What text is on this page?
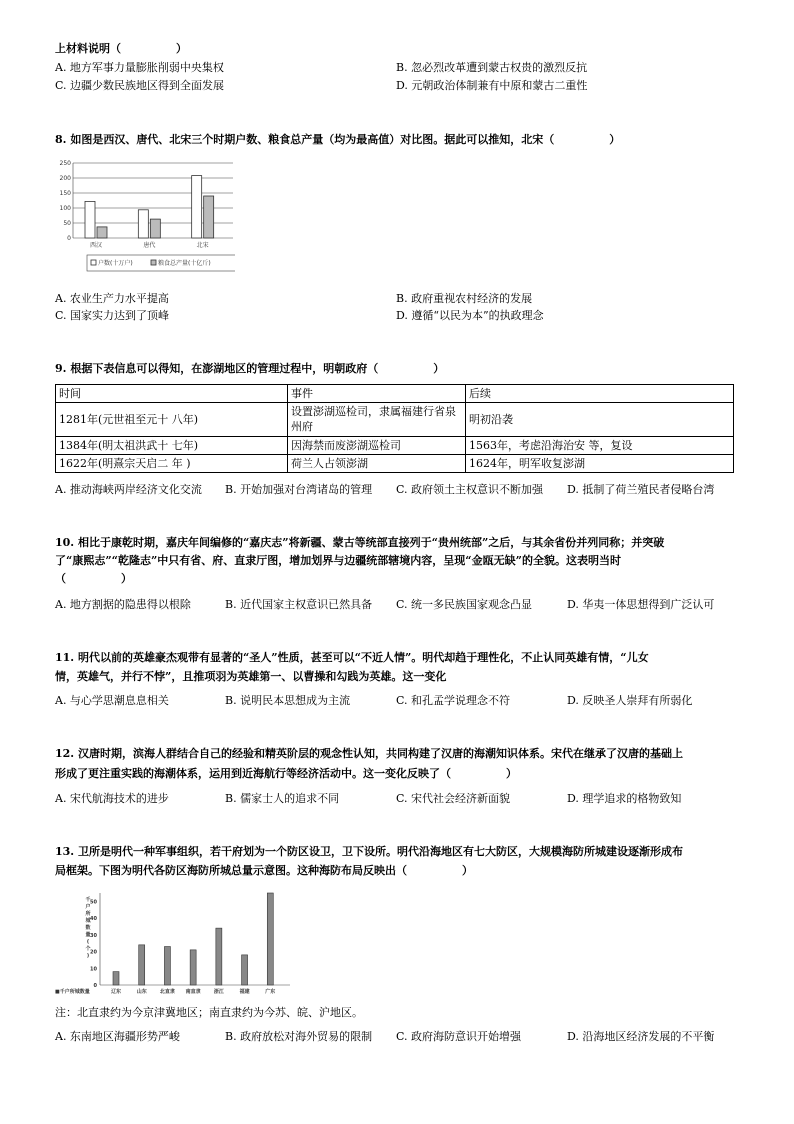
上材料说明（　　　　　）
A. 地方军事力量膨胀削弱中央集权	B. 忽必烈改革遭到蒙古权贵的激烈反抗
C. 边疆少数民族地区得到全面发展	D. 元朝政治体制兼有中原和蒙古二重性
8. 如图是西汉、唐代、北宋三个时期户数、粮食总产量（均为最高值）对比图。据此可以推知，北宋（　　　　　）
250
200
150
100
50
0
西汉	唐代	北宋
户数(十万户)	粮食总产量(十亿斤)
A. 农业生产力水平提高	B. 政府重视农村经济的发展
C. 国家实力达到了顶峰	D. 遵循“以民为本”的执政理念
9. 根据下表信息可以得知，在澎湖地区的管理过程中，明朝政府（　　　　　）
时间	事件	后续
1281年(元世祖至元十 八年)	设置澎湖巡检司，隶属福建行省泉州府	明初沿袭
1384年(明太祖洪武十 七年)	因海禁而废澎湖巡检司	1563年，考虑沿海治安 等，复设
1622年(明熹宗天启二 年 )	荷兰人占领澎湖	1624年，明军收复澎湖
A. 推动海峡两岸经济文化交流 B. 开始加强对台湾诸岛的管理 C. 政府领土主权意识不断加强 D. 抵制了荷兰殖民者侵略台湾
10. 相比于康乾时期，嘉庆年间编修的“嘉庆志”将新疆、蒙古等统部直接列于“贵州统部”之后，与其余省份并列同称；并突破
了“康熙志”“乾隆志”中只有省、府、直隶厅图，增加划界与边疆统部辖境内容，呈现“金瓯无缺”的全貌。这表明当时
（　　　　　）
A. 地方割据的隐患得以根除	B. 近代国家主权意识已然具备 C. 统一多民族国家观念凸显	D. 华夷一体思想得到广泛认可
11. 明代以前的英雄豪杰观带有显著的“圣人”性质，甚至可以“不近人情”。明代却趋于理性化，不止认同英雄有情，“儿女
情，英雄气，并行不悖”，且推项羽为英雄第一、以曹操和勾践为英雄。这一变化
A. 与心学思潮息息相关	B. 说明民本思想成为主流	C. 和孔孟学说理念不符	D. 反映圣人崇拜有所弱化
12. 汉唐时期，滨海人群结合自己的经验和精英阶层的观念性认知，共同构建了汉唐的海潮知识体系。宋代在继承了汉唐的基础上
形成了更注重实践的海潮体系，运用到近海航行等经济活动中。这一变化反映了（　　　　　）
A. 宋代航海技术的进步	B. 儒家士人的追求不同	C. 宋代社会经济新面貌	D. 理学追求的格物致知
13. 卫所是明代一种军事组织，若干府划为一个防区设卫，卫下设所。明代沿海地区有七大防区，大规模海防所城建设逐渐形成布
局框架。下图为明代各防区海防所城总量示意图。这种海防布局反映出（　　　　　）
50
40
30
20
10
0
千
户
所
城
数
量
(
个
)
■千户所城数量	辽东	山东	北直隶 南直隶	浙江	福建	广东
注：北直隶约为今京津冀地区；南直隶约为今苏、皖、沪地区。
A. 东南地区海疆形势严峻	B. 政府放松对海外贸易的限制 C. 政府海防意识开始增强	D. 沿海地区经济发展的不平衡
